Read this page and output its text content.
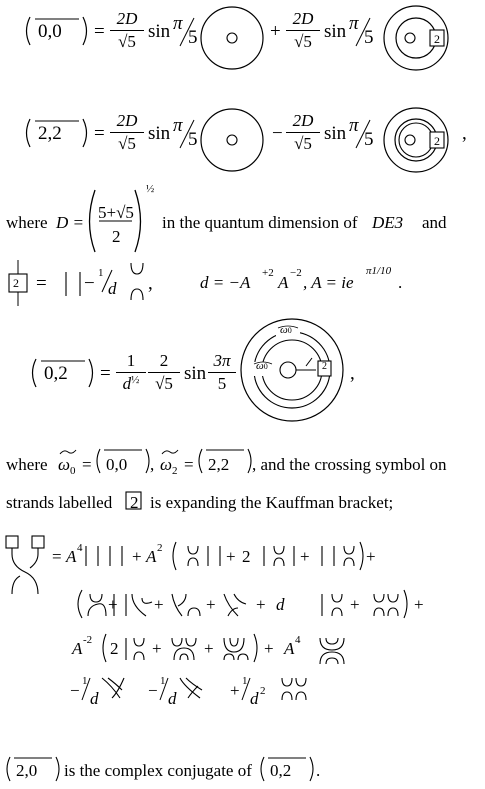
0,0 =
2D
√5 sin π
5	+
2D
√5 sin π
5	2
2,2 =
2D
√5 sin π
5	−
2D
√5 sin π
5	2 ,
where D =
5+√5
2
½
in the quantum dimension of DE3 and
2 = − 1
d ,	d = −A +2 A −2 , A = ie
π1/10
.
0,2 =
1
d½
2
√5 sin
3π
5
ω0
ω0	2 ,
where $\omega_0 = 0,0$ , $\omega_2 = 2,2$ , and the crossing symbol on
strands labelled 2 is expanding the Kauffman bracket;
= A 4	+ A 2	+ 2	+	+
+ + + + d	+	+
A -2 2 + +	+ A 4
− 1
d	− 1
d	+ 1
d 2
2,0 is the complex conjugate of 0,2 .
